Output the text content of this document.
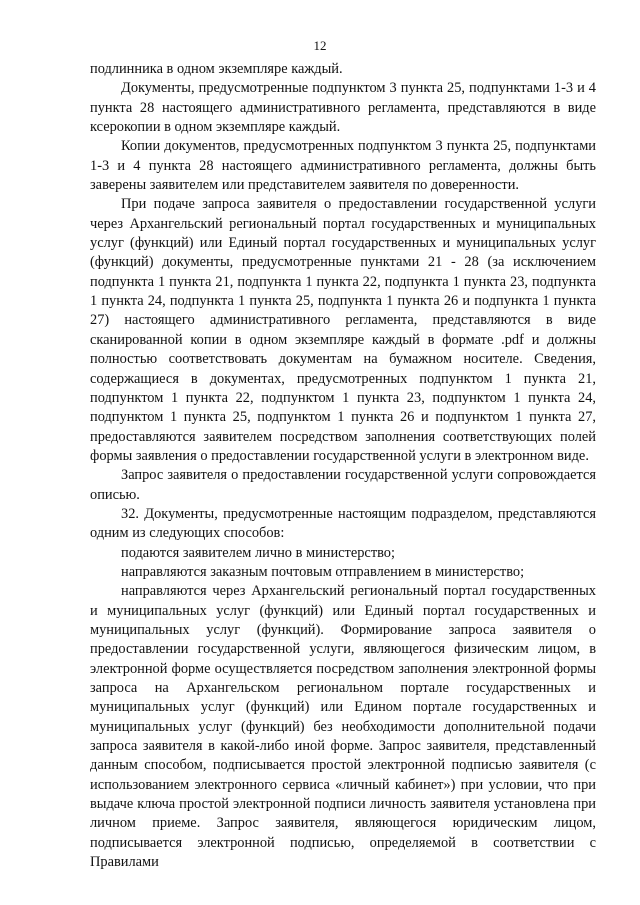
12

подлинника в одном экземпляре каждый.

Документы, предусмотренные подпунктом 3 пункта 25, подпунктами 1-3 и 4 пункта 28 настоящего административного регламента, представляются в виде ксерокопии в одном экземпляре каждый.

Копии документов, предусмотренных подпунктом 3 пункта 25, подпунктами 1-3 и 4 пункта 28 настоящего административного регламента, должны быть заверены заявителем или представителем заявителя по доверенности.

При подаче запроса заявителя о предоставлении государственной услуги через Архангельский региональный портал государственных и муниципальных услуг (функций) или Единый портал государственных и муниципальных услуг (функций) документы, предусмотренные пунктами 21 - 28 (за исключением подпункта 1 пункта 21, подпункта 1 пункта 22, подпункта 1 пункта 23, подпункта 1 пункта 24, подпункта 1 пункта 25, подпункта 1 пункта 26 и подпункта 1 пункта 27) настоящего административного регламента, представляются в виде сканированной копии в одном экземпляре каждый в формате .pdf и должны полностью соответствовать документам на бумажном носителе. Сведения, содержащиеся в документах, предусмотренных подпунктом 1 пункта 21, подпунктом 1 пункта 22, подпунктом 1 пункта 23, подпунктом 1 пункта 24, подпунктом 1 пункта 25, подпунктом 1 пункта 26 и подпунктом 1 пункта 27, предоставляются заявителем посредством заполнения соответствующих полей формы заявления о предоставлении государственной услуги в электронном виде.

Запрос заявителя о предоставлении государственной услуги сопровождается описью.

32. Документы, предусмотренные настоящим подразделом, представляются одним из следующих способов:

подаются заявителем лично в министерство;

направляются заказным почтовым отправлением в министерство;

направляются через Архангельский региональный портал государственных и муниципальных услуг (функций) или Единый портал государственных и муниципальных услуг (функций). Формирование запроса заявителя о предоставлении государственной услуги, являющегося физическим лицом, в электронной форме осуществляется посредством заполнения электронной формы запроса на Архангельском региональном портале государственных и муниципальных услуг (функций) или Едином портале государственных и муниципальных услуг (функций) без необходимости дополнительной подачи запроса заявителя в какой-либо иной форме. Запрос заявителя, представленный данным способом, подписывается простой электронной подписью заявителя (с использованием электронного сервиса «личный кабинет») при условии, что при выдаче ключа простой электронной подписи личность заявителя установлена при личном приеме. Запрос заявителя, являющегося юридическим лицом, подписывается электронной подписью, определяемой в соответствии с Правилами
